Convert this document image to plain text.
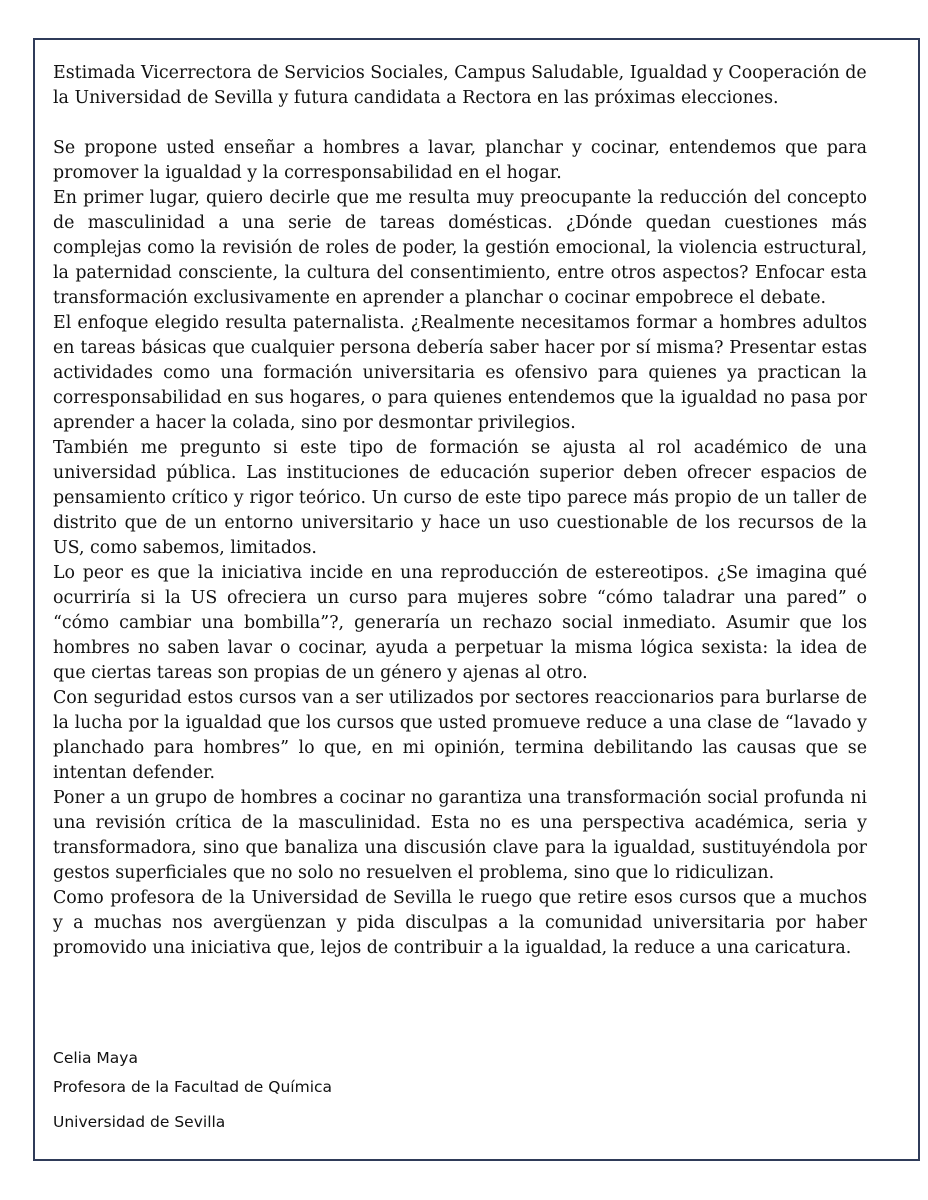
Estimada Vicerrectora de Servicios Sociales, Campus Saludable, Igualdad y Cooperación de la Universidad de Sevilla y futura candidata a Rectora en las próximas elecciones.

Se propone usted enseñar a hombres a lavar, planchar y cocinar, entendemos que para promover la igualdad y la corresponsabilidad en el hogar.

En primer lugar, quiero decirle que me resulta muy preocupante la reducción del concepto de masculinidad a una serie de tareas domésticas. ¿Dónde quedan cuestiones más complejas como la revisión de roles de poder, la gestión emocional, la violencia estructural, la paternidad consciente, la cultura del consentimiento, entre otros aspectos? Enfocar esta transformación exclusivamente en aprender a planchar o cocinar empobrece el debate.

El enfoque elegido resulta paternalista. ¿Realmente necesitamos formar a hombres adultos en tareas básicas que cualquier persona debería saber hacer por sí misma? Presentar estas actividades como una formación universitaria es ofensivo para quienes ya practican la corresponsabilidad en sus hogares, o para quienes entendemos que la igualdad no pasa por aprender a hacer la colada, sino por desmontar privilegios.

También me pregunto si este tipo de formación se ajusta al rol académico de una universidad pública. Las instituciones de educación superior deben ofrecer espacios de pensamiento crítico y rigor teórico. Un curso de este tipo parece más propio de un taller de distrito que de un entorno universitario y hace un uso cuestionable de los recursos de la US, como sabemos, limitados.

Lo peor es que la iniciativa incide en una reproducción de estereotipos. ¿Se imagina qué ocurriría si la US ofreciera un curso para mujeres sobre “cómo taladrar una pared” o “cómo cambiar una bombilla”?, generaría un rechazo social inmediato. Asumir que los hombres no saben lavar o cocinar, ayuda a perpetuar la misma lógica sexista: la idea de que ciertas tareas son propias de un género y ajenas al otro.

Con seguridad estos cursos van a ser utilizados por sectores reaccionarios para burlarse de la lucha por la igualdad que los cursos que usted promueve reduce a una clase de “lavado y planchado para hombres” lo que, en mi opinión, termina debilitando las causas que se intentan defender.

Poner a un grupo de hombres a cocinar no garantiza una transformación social profunda ni una revisión crítica de la masculinidad. Esta no es una perspectiva académica, seria y transformadora, sino que banaliza una discusión clave para la igualdad, sustituyéndola por gestos superficiales que no solo no resuelven el problema, sino que lo ridiculizan.

Como profesora de la Universidad de Sevilla le ruego que retire esos cursos que a muchos y a muchas nos avergüenzan y pida disculpas a la comunidad universitaria por haber promovido una iniciativa que, lejos de contribuir a la igualdad, la reduce a una caricatura.

Celia Maya
Profesora de la Facultad de Química
Universidad de Sevilla
